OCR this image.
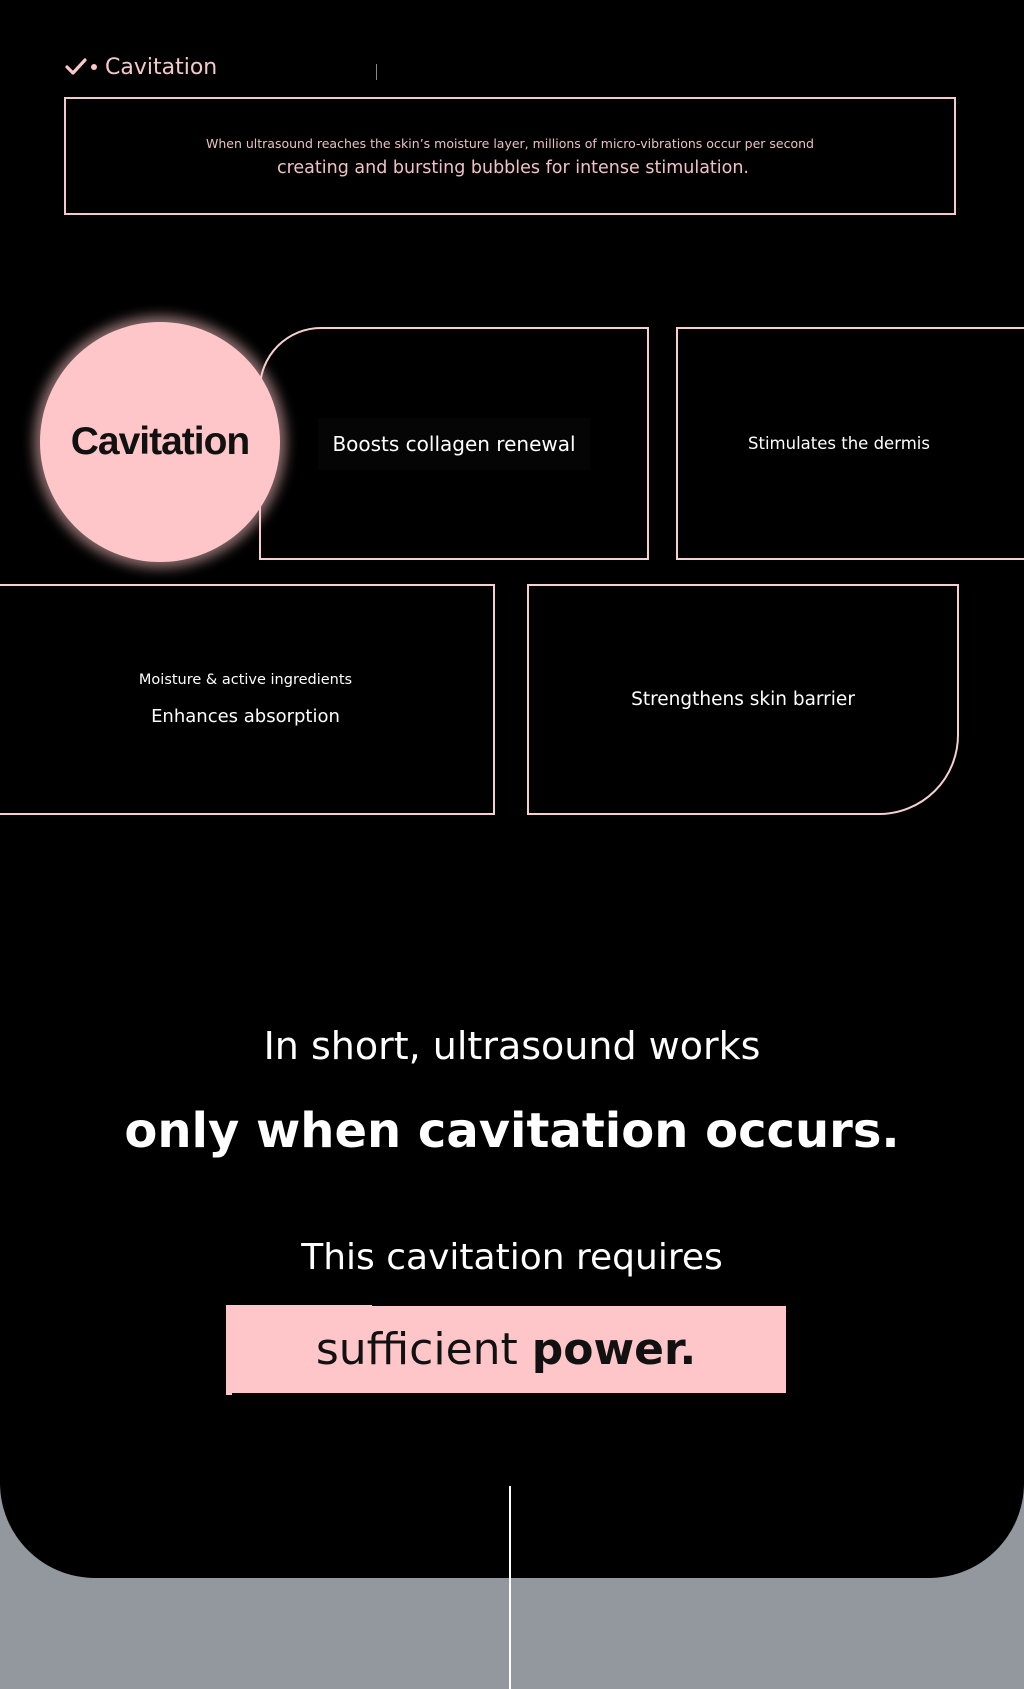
Cavitation
When ultrasound reaches the skin’s moisture layer, millions of micro-vibrations occur per second
creating and bursting bubbles for intense stimulation.
Boosts collagen renewal	Stimulates the dermis
Cavitation
Moisture & active ingredients
Enhances absorption
Strengthens skin barrier
In short, ultrasound works
only when cavitation occurs.
This cavitation requires
sufficient power.
